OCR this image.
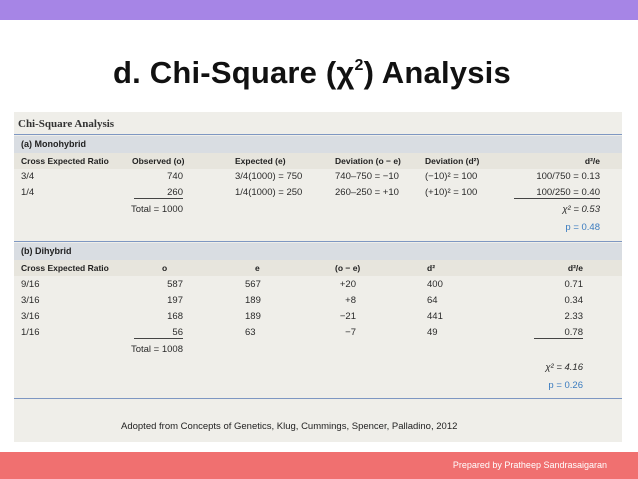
d. Chi-Square $(\chi^2)$ Analysis
Chi-Square Analysis
(a) Monohybrid
Cross Expected Ratio	Observed (o)	Expected (e)	Deviation (o − e)	Deviation (d²)	d²/e
3/4	740	3/4(1000) = 750	740–750 = −10	(−10)² = 100	100/750 = 0.13
1/4	260	1/4(1000) = 250	260–250 = +10	(+10)² = 100	100/250 = 0.40
Total = 1000	χ² = 0.53
p = 0.48
(b) Dihybrid
Cross Expected Ratio	o	e	(o − e)	d²	d²/e
9/16	587	567	+20	400	0.71
3/16	197	189	+8	64	0.34
3/16	168	189	−21	441	2.33
1/16	56	63	−7	49	0.78
Total = 1008
χ² = 4.16
p = 0.26
Adopted from Concepts of Genetics, Klug, Cummings, Spencer, Palladino, 2012
Prepared by Pratheep Sandrasaigaran
